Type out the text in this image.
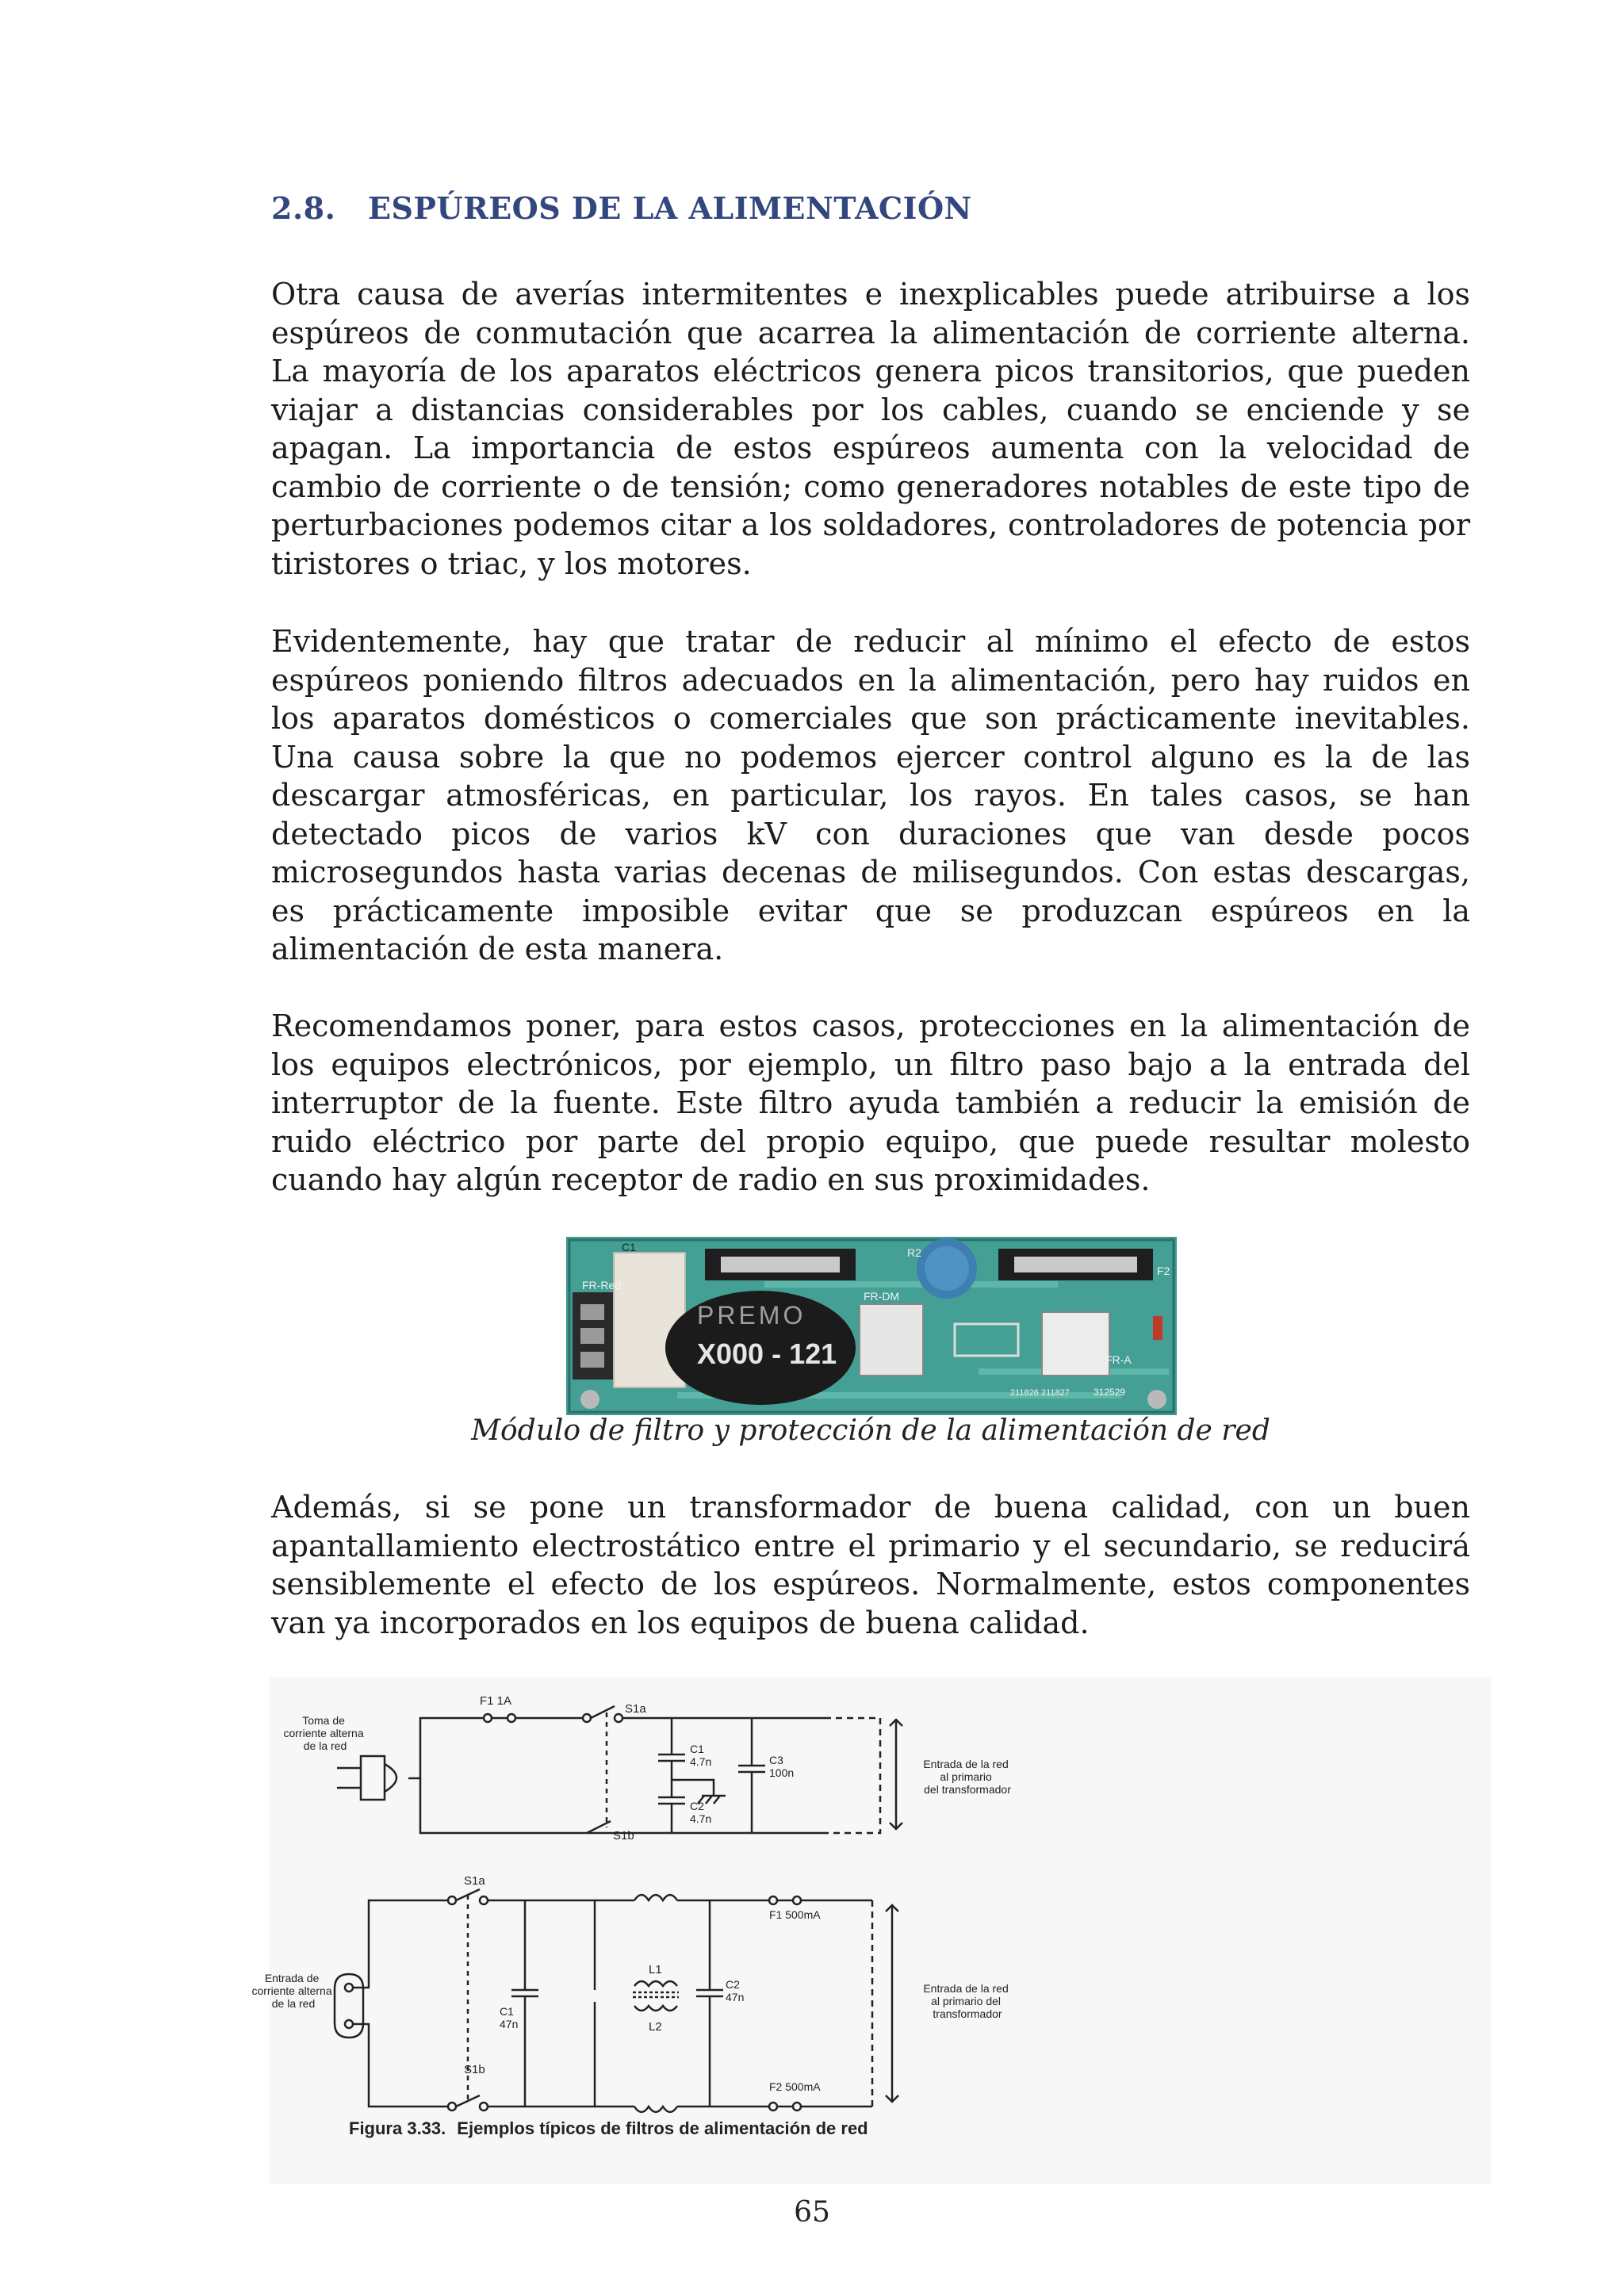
2.8. ESPÚREOS DE LA ALIMENTACIÓN

Otra causa de averías intermitentes e inexplicables puede atribuirse a los espúreos de conmutación que acarrea la alimentación de corriente alterna. La mayoría de los aparatos eléctricos genera picos transitorios, que pueden viajar a distancias considerables por los cables, cuando se enciende y se apagan. La importancia de estos espúreos aumenta con la velocidad de cambio de corriente o de tensión; como generadores notables de este tipo de perturbaciones podemos citar a los soldadores, controladores de potencia por tiristores o triac, y los motores.

Evidentemente, hay que tratar de reducir al mínimo el efecto de estos espúreos poniendo filtros adecuados en la alimentación, pero hay ruidos en los aparatos domésticos o comerciales que son prácticamente inevitables. Una causa sobre la que no podemos ejercer control alguno es la de las descargar atmosféricas, en particular, los rayos. En tales casos, se han detectado picos de varios kV con duraciones que van desde pocos microsegundos hasta varias decenas de milisegundos. Con estas descargas, es prácticamente imposible evitar que se produzcan espúreos en la alimentación de esta manera.

Recomendamos poner, para estos casos, protecciones en la alimentación de los equipos electrónicos, por ejemplo, un filtro paso bajo a la entrada del interruptor de la fuente. Este filtro ayuda también a reducir la emisión de ruido eléctrico por parte del propio equipo, que puede resultar molesto cuando hay algún receptor de radio en sus proximidades.

C1
FR-Red
PREMO
X000 - 121
R2
FR-DM
F2
FR-A
211826 211827	312529
Módulo de filtro y protección de la alimentación de red

Además, si se pone un transformador de buena calidad, con un buen apantallamiento electrostático entre el primario y el secundario, se reducirá sensiblemente el efecto de los espúreos. Normalmente, estos componentes van ya incorporados en los equipos de buena calidad.

Toma de corriente alterna de la red
F1 1A
S1a
S1b
C1 4.7n
C2 4.7n
C3 100n
Entrada de la red al primario del transformador
Entrada de corriente alterna de la red
S1a
S1b
C1 47n
L1
L2
C2 47n
F1 500mA
F2 500mA
Entrada de la red al primario del transformador
Figura 3.33. Ejemplos típicos de filtros de alimentación de red
65
